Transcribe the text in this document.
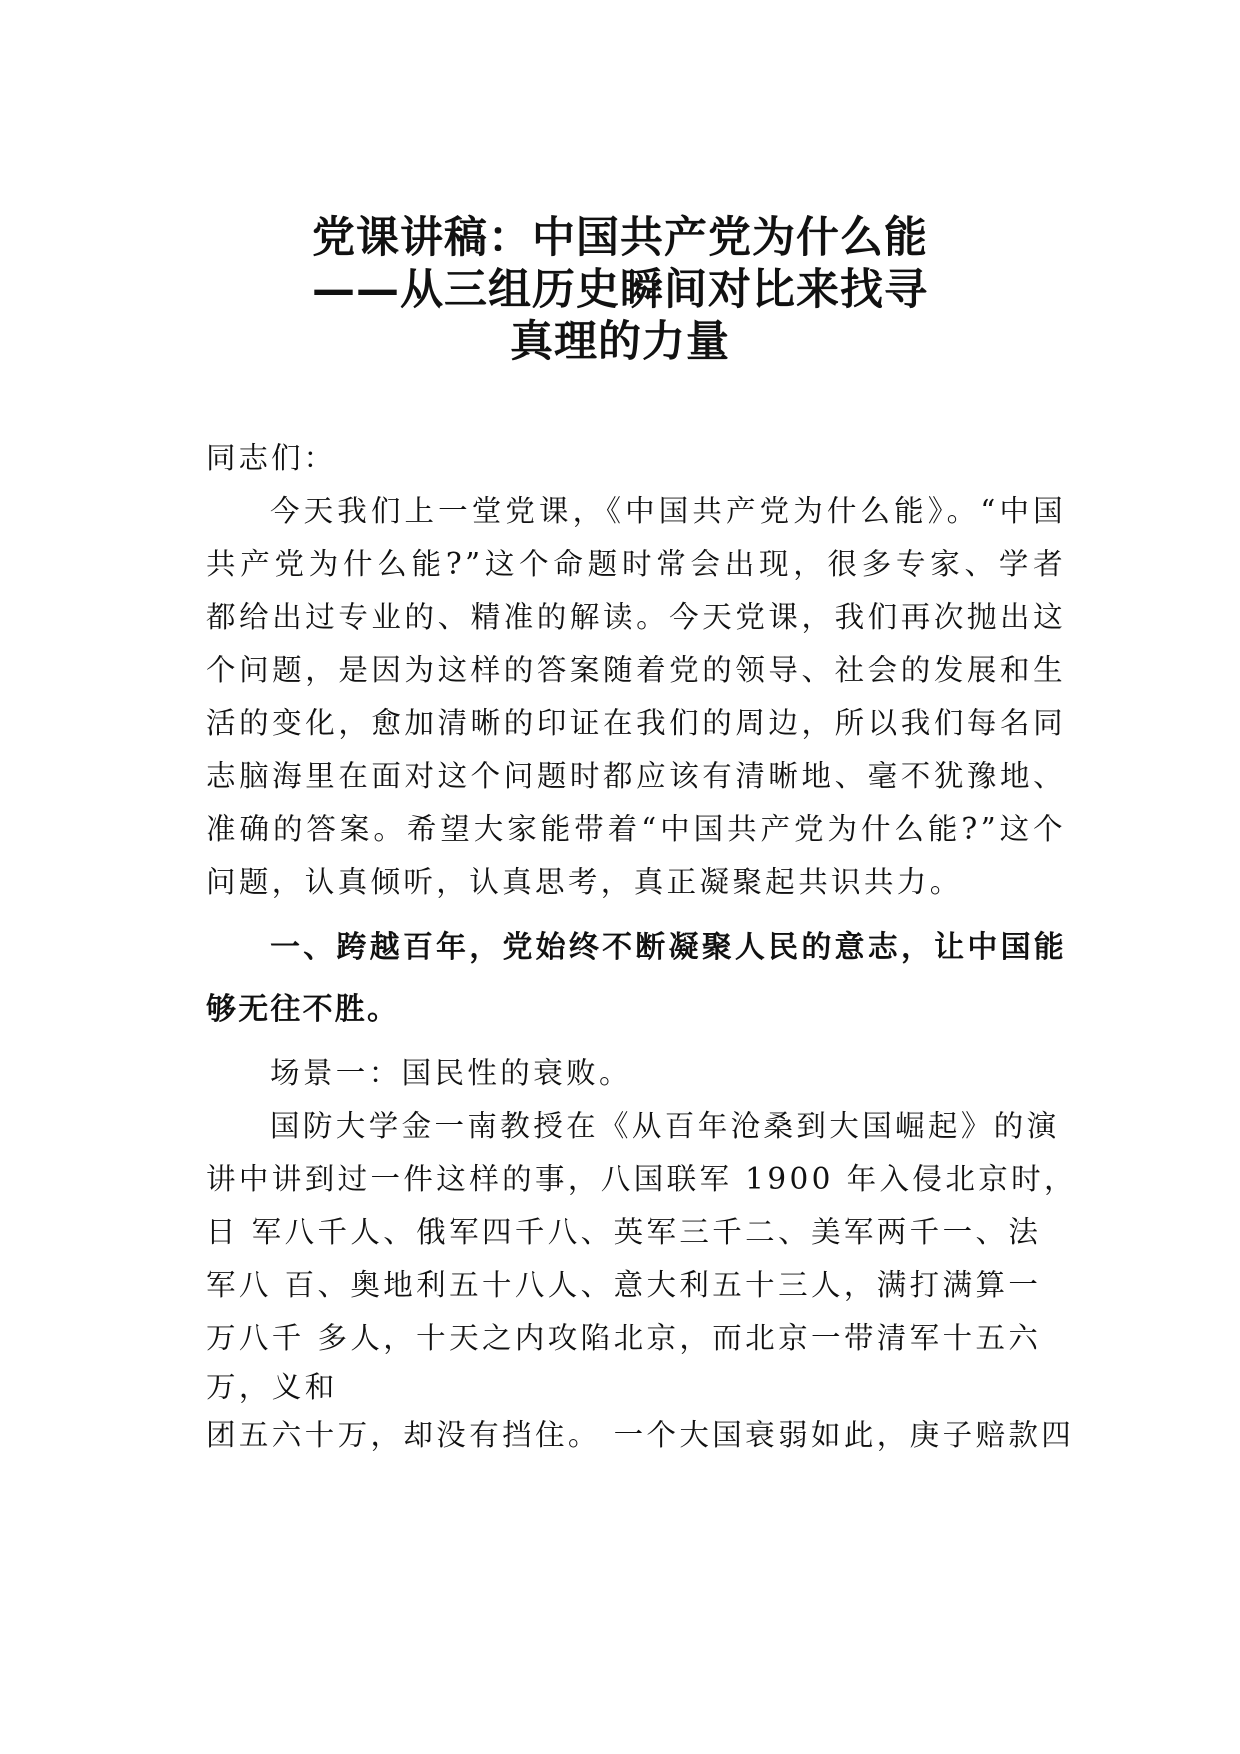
党课讲稿：中国共产党为什么能
——从三组历史瞬间对比来找寻
真理的力量

同志们：

今天我们上一堂党课，《中国共产党为什么能》。“中国共产党为什么能?”这个命题时常会出现，很多专家、学者都给出过专业的、精准的解读。今天党课，我们再次抛出这个问题，是因为这样的答案随着党的领导、社会的发展和生活的变化，愈加清晰的印证在我们的周边，所以我们每名同志脑海里在面对这个问题时都应该有清晰地、毫不犹豫地、准确的答案。希望大家能带着“中国共产党为什么能?”这个问题，认真倾听，认真思考，真正凝聚起共识共力。

一、跨越百年，党始终不断凝聚人民的意志，让中国能够无往不胜。

场景一：国民性的衰败。

国防大学金一南教授在《从百年沧桑到大国崛起》的演
讲中讲到过一件这样的事，八国联军 1900 年入侵北京时，
日 军八千人、俄军四千八、英军三千二、美军两千一、法
军八 百、奥地利五十八人、意大利五十三人，满打满算一
万八千 多人，十天之内攻陷北京，而北京一带清军十五六
万，义和
团五六十万，却没有挡住。 一个大国衰弱如此，庚子赔款四
